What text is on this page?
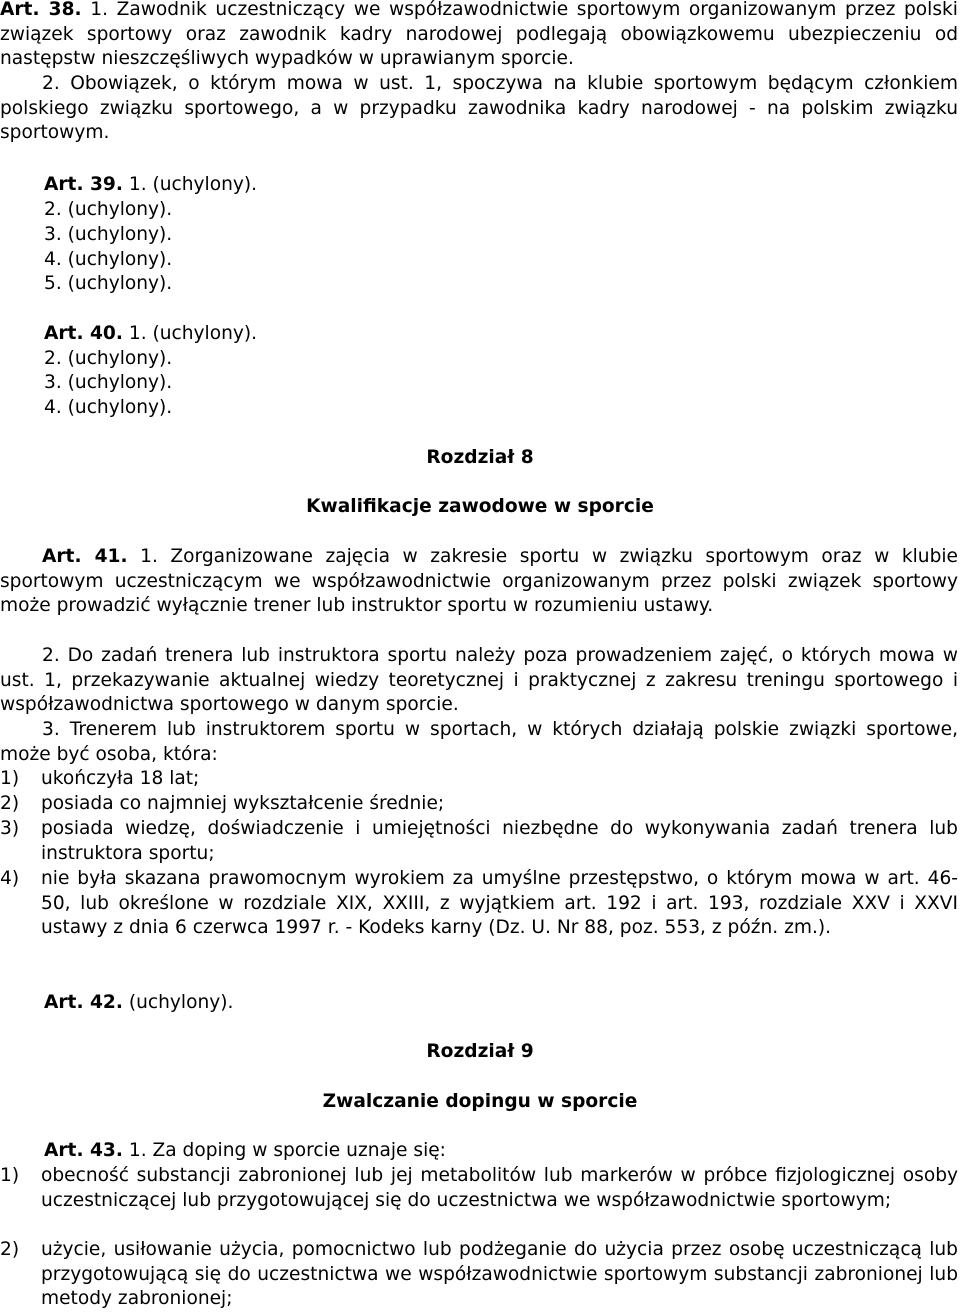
Art. 38. 1. Zawodnik uczestniczący we współzawodnictwie sportowym organizowanym przez polski związek sportowy oraz zawodnik kadry narodowej podlegają obowiązkowemu ubezpieczeniu od następstw nieszczęśliwych wypadków w uprawianym sporcie.

2. Obowiązek, o którym mowa w ust. 1, spoczywa na klubie sportowym będącym członkiem polskiego związku sportowego, a w przypadku zawodnika kadry narodowej - na polskim związku sportowym.

Art. 39. 1. (uchylony).
2. (uchylony).
3. (uchylony).
4. (uchylony).
5. (uchylony).
Art. 40. 1. (uchylony).
2. (uchylony).
3. (uchylony).
4. (uchylony).
Rozdział 8
Kwalifikacje zawodowe w sporcie

Art. 41. 1. Zorganizowane zajęcia w zakresie sportu w związku sportowym oraz w klubie sportowym uczestniczącym we współzawodnictwie organizowanym przez polski związek sportowy może prowadzić wyłącznie trener lub instruktor sportu w rozumieniu ustawy.

2. Do zadań trenera lub instruktora sportu należy poza prowadzeniem zajęć, o których mowa w ust. 1, przekazywanie aktualnej wiedzy teoretycznej i praktycznej z zakresu treningu sportowego i współzawodnictwa sportowego w danym sporcie.

3. Trenerem lub instruktorem sportu w sportach, w których działają polskie związki sportowe, może być osoba, która:

1) ukończyła 18 lat;
2) posiada co najmniej wykształcenie średnie;
3) posiada wiedzę, doświadczenie i umiejętności niezbędne do wykonywania zadań trenera lub instruktora sportu;
4) nie była skazana prawomocnym wyrokiem za umyślne przestępstwo, o którym mowa w art. 46-50, lub określone w rozdziale XIX, XXIII, z wyjątkiem art. 192 i art. 193, rozdziale XXV i XXVI ustawy z dnia 6 czerwca 1997 r. - Kodeks karny (Dz. U. Nr 88, poz. 553, z późn. zm.).
Art. 42. (uchylony).
Rozdział 9
Zwalczanie dopingu w sporcie
Art. 43. 1. Za doping w sporcie uznaje się:
1) obecność substancji zabronionej lub jej metabolitów lub markerów w próbce fizjologicznej osoby uczestniczącej lub przygotowującej się do uczestnictwa we współzawodnictwie sportowym;
2) użycie, usiłowanie użycia, pomocnictwo lub podżeganie do użycia przez osobę uczestniczącą lub przygotowującą się do uczestnictwa we współzawodnictwie sportowym substancji zabronionej lub metody zabronionej;
